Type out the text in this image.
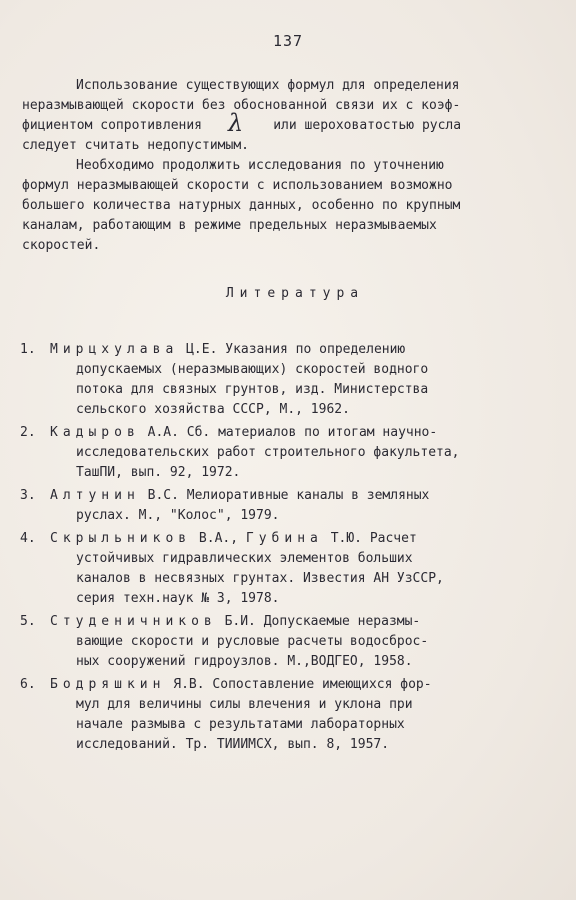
137
Использование существующих формул для определения
неразмывающей скорости без обоснованной связи их с коэф-
фициентом сопротивления λ или шероховатостью русла
следует считать недопустимым.
Необходимо продолжить исследования по уточнению
формул неразмывающей скорости с использованием возможно
большего количества натурных данных, особенно по крупным
каналам, работающим в режиме предельных неразмываемых
скоростей.
Литература
1. Мирцхулава Ц.Е. Указания по определению
допускаемых (неразмывающих) скоростей водного
потока для связных грунтов, изд. Министерства
сельского хозяйства СССР, М., 1962.
2. Кадыров А.А. Сб. материалов по итогам научно-
исследовательских работ строительного факультета,
ТашПИ, вып. 92, 1972.
3. Алтунин В.С. Мелиоративные каналы в земляных
руслах. М., "Колос", 1979.
4. Скрыльников В.А., Губина Т.Ю. Расчет
устойчивых гидравлических элементов больших
каналов в несвязных грунтах. Известия АН УзССР,
серия техн.наук № 3, 1978.
5. Студеничников Б.И. Допускаемые неразмы-
вающие скорости и русловые расчеты водосброс-
ных сооружений гидроузлов. М.,ВОДГЕО, 1958.
6. Бодряшкин Я.В. Сопоставление имеющихся фор-
мул для величины силы влечения и уклона при
начале размыва с результатами лабораторных
исследований. Тр. ТИИИМСХ, вып. 8, 1957.
